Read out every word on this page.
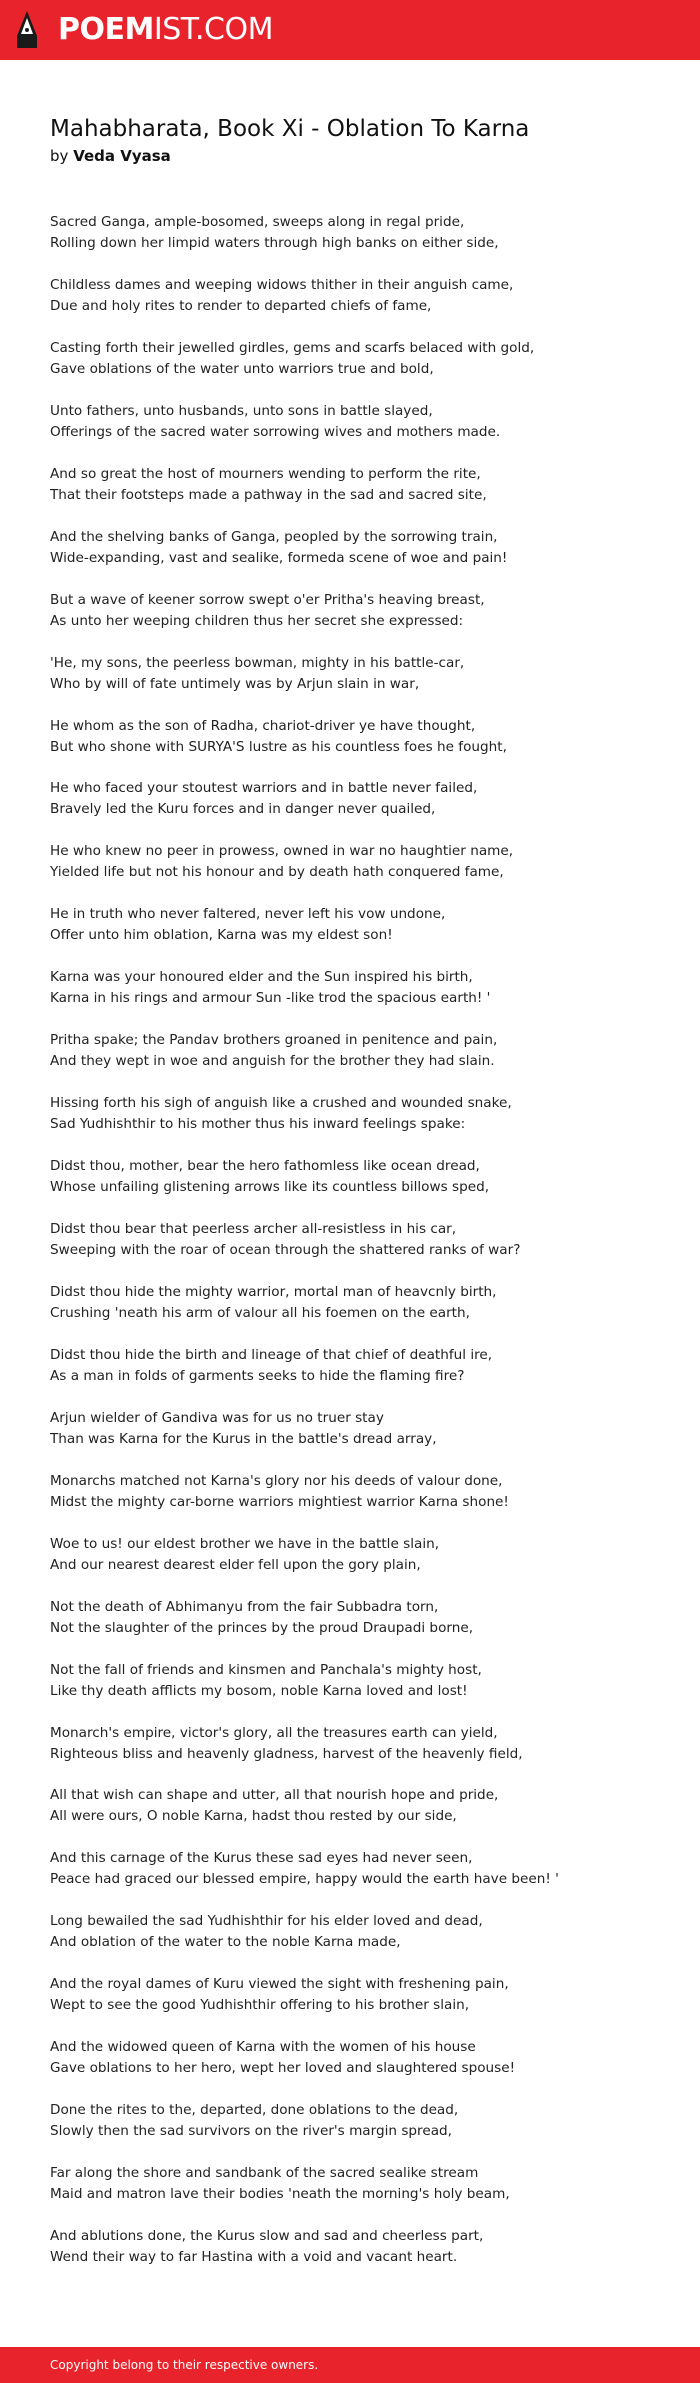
POEMIST.COM
Mahabharata, Book Xi - Oblation To Karna

by Veda Vyasa

Sacred Ganga, ample-bosomed, sweeps along in regal pride,
Rolling down her limpid waters through high banks on either side,

Childless dames and weeping widows thither in their anguish came,
Due and holy rites to render to departed chiefs of fame,

Casting forth their jewelled girdles, gems and scarfs belaced with gold,
Gave oblations of the water unto warriors true and bold,

Unto fathers, unto husbands, unto sons in battle slayed,
Offerings of the sacred water sorrowing wives and mothers made.

And so great the host of mourners wending to perform the rite,
That their footsteps made a pathway in the sad and sacred site,

And the shelving banks of Ganga, peopled by the sorrowing train,
Wide-expanding, vast and sealike, formeda scene of woe and pain!

But a wave of keener sorrow swept o'er Pritha's heaving breast,
As unto her weeping children thus her secret she expressed:

'He, my sons, the peerless bowman, mighty in his battle-car,
Who by will of fate untimely was by Arjun slain in war,

He whom as the son of Radha, chariot-driver ye have thought,
But who shone with SURYA'S lustre as his countless foes he fought,

He who faced your stoutest warriors and in battle never failed,
Bravely led the Kuru forces and in danger never quailed,

He who knew no peer in prowess, owned in war no haughtier name,
Yielded life but not his honour and by death hath conquered fame,

He in truth who never faltered, never left his vow undone,
Offer unto him oblation, Karna was my eldest son!

Karna was your honoured elder and the Sun inspired his birth,
Karna in his rings and armour Sun -like trod the spacious earth! '

Pritha spake; the Pandav brothers groaned in penitence and pain,
And they wept in woe and anguish for the brother they had slain.

Hissing forth his sigh of anguish like a crushed and wounded snake,
Sad Yudhishthir to his mother thus his inward feelings spake:

Didst thou, mother, bear the hero fathomless like ocean dread,
Whose unfailing glistening arrows like its countless billows sped,

Didst thou bear that peerless archer all-resistless in his car,
Sweeping with the roar of ocean through the shattered ranks of war?

Didst thou hide the mighty warrior, mortal man of heavcnly birth,
Crushing 'neath his arm of valour all his foemen on the earth,

Didst thou hide the birth and lineage of that chief of deathful ire,
As a man in folds of garments seeks to hide the flaming fire?

Arjun wielder of Gandiva was for us no truer stay
Than was Karna for the Kurus in the battle's dread array,

Monarchs matched not Karna's glory nor his deeds of valour done,
Midst the mighty car-borne warriors mightiest warrior Karna shone!

Woe to us! our eldest brother we have in the battle slain,
And our nearest dearest elder fell upon the gory plain,

Not the death of Abhimanyu from the fair Subbadra torn,
Not the slaughter of the princes by the proud Draupadi borne,

Not the fall of friends and kinsmen and Panchala's mighty host,
Like thy death afflicts my bosom, noble Karna loved and lost!

Monarch's empire, victor's glory, all the treasures earth can yield,
Righteous bliss and heavenly gladness, harvest of the heavenly field,

All that wish can shape and utter, all that nourish hope and pride,
All were ours, O noble Karna, hadst thou rested by our side,

And this carnage of the Kurus these sad eyes had never seen,
Peace had graced our blessed empire, happy would the earth have been! '

Long bewailed the sad Yudhishthir for his elder loved and dead,
And oblation of the water to the noble Karna made,

And the royal dames of Kuru viewed the sight with freshening pain,
Wept to see the good Yudhishthir offering to his brother slain,

And the widowed queen of Karna with the women of his house
Gave oblations to her hero, wept her loved and slaughtered spouse!

Done the rites to the, departed, done oblations to the dead,
Slowly then the sad survivors on the river's margin spread,

Far along the shore and sandbank of the sacred sealike stream
Maid and matron lave their bodies 'neath the morning's holy beam,

And ablutions done, the Kurus slow and sad and cheerless part,
Wend their way to far Hastina with a void and vacant heart.

Copyright belong to their respective owners.
